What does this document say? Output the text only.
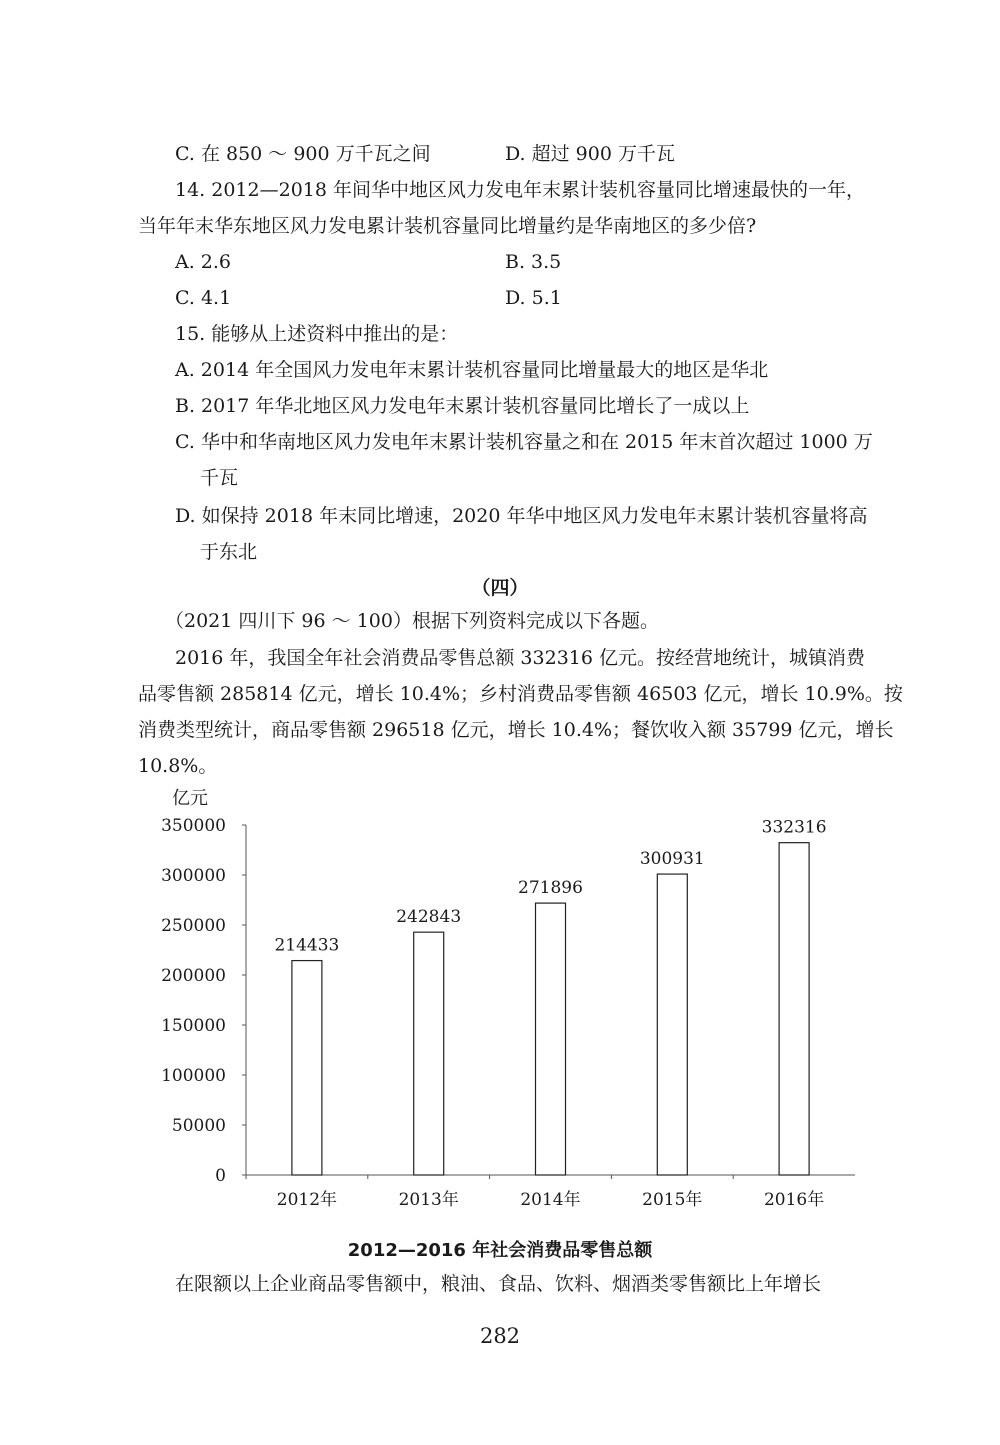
C. 在 850 ～ 900 万千瓦之间	D. 超过 900 万千瓦
14. 2012—2018 年间华中地区风力发电年末累计装机容量同比增速最快的一年，
当年年末华东地区风力发电累计装机容量同比增量约是华南地区的多少倍?
A. 2.6	B. 3.5
C. 4.1	D. 5.1
15. 能够从上述资料中推出的是：
A. 2014 年全国风力发电年末累计装机容量同比增量最大的地区是华北
B. 2017 年华北地区风力发电年末累计装机容量同比增长了一成以上
C. 华中和华南地区风力发电年末累计装机容量之和在 2015 年末首次超过 1000 万
千瓦
D. 如保持 2018 年末同比增速，2020 年华中地区风力发电年末累计装机容量将高
于东北
（四）
（2021 四川下 96 ～ 100）根据下列资料完成以下各题。
2016 年，我国全年社会消费品零售总额 332316 亿元。按经营地统计，城镇消费
品零售额 285814 亿元，增长 10.4%；乡村消费品零售额 46503 亿元，增长 10.9%。按
消费类型统计，商品零售额 296518 亿元，增长 10.4%；餐饮收入额 35799 亿元，增长
10.8%。
亿元
0
50000
100000
150000
200000
250000
300000
350000
214433
2012年
242843
2013年
271896
2014年
300931
2015年
332316
2016年
2012—2016 年社会消费品零售总额
在限额以上企业商品零售额中，粮油、食品、饮料、烟酒类零售额比上年增长
282
